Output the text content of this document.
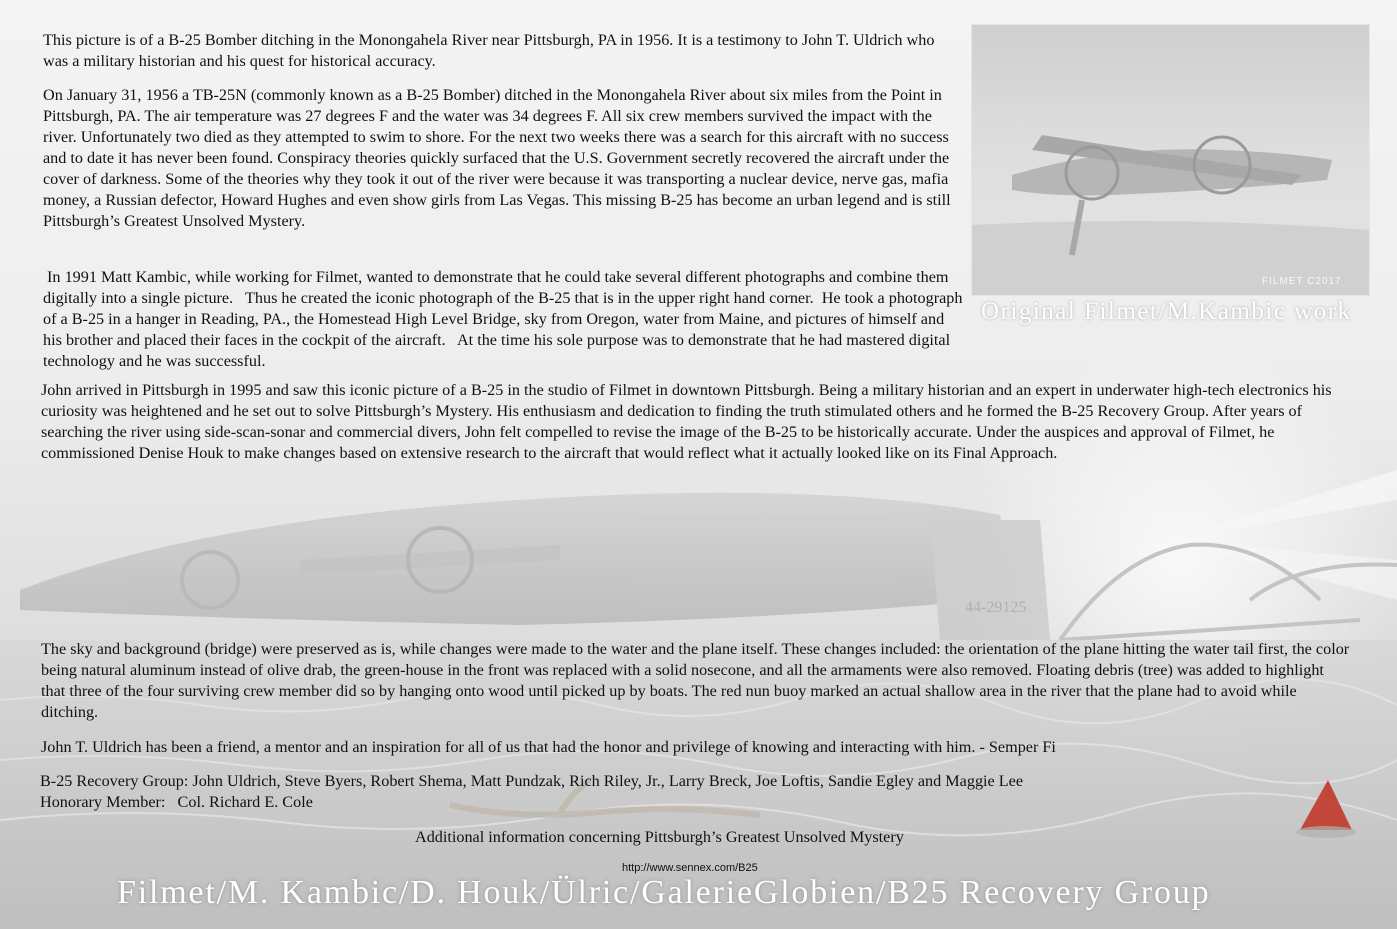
44-29125
FILMET C2017
Original Filmet/M.Kambic work

This picture is of a B-25 Bomber ditching in the Monongahela River near Pittsburgh, PA in 1956. It is a testimony to John T. Uldrich who was a military historian and his quest for historical accuracy.

On January 31, 1956 a TB-25N (commonly known as a B-25 Bomber) ditched in the Monongahela River about six miles from the Point in Pittsburgh, PA. The air temperature was 27 degrees F and the water was 34 degrees F. All six crew members survived the impact with the river. Unfortunately two died as they attempted to swim to shore. For the next two weeks there was a search for this aircraft with no success and to date it has never been found. Conspiracy theories quickly surfaced that the U.S. Government secretly recovered the aircraft under the cover of darkness. Some of the theories why they took it out of the river were because it was transporting a nuclear device, nerve gas, mafia money, a Russian defector, Howard Hughes and even show girls from Las Vegas. This missing B-25 has become an urban legend and is still Pittsburgh’s Greatest Unsolved Mystery.

In 1991 Matt Kambic, while working for Filmet, wanted to demonstrate that he could take several different photographs and combine them digitally into a single picture.   Thus he created the iconic photograph of the B-25 that is in the upper right hand corner.  He took a photograph of a B-25 in a hanger in Reading, PA., the Homestead High Level Bridge, sky from Oregon, water from Maine, and pictures of himself and his brother and placed their faces in the cockpit of the aircraft.   At the time his sole purpose was to demonstrate that he had mastered digital technology and he was successful.

John arrived in Pittsburgh in 1995 and saw this iconic picture of a B-25 in the studio of Filmet in downtown Pittsburgh. Being a military historian and an expert in underwater high-tech electronics his curiosity was heightened and he set out to solve Pittsburgh’s Mystery. His enthusiasm and dedication to finding the truth stimulated others and he formed the B-25 Recovery Group. After years of searching the river using side-scan-sonar and commercial divers, John felt compelled to revise the image of the B-25 to be historically accurate. Under the auspices and approval of Filmet, he commissioned Denise Houk to make changes based on extensive research to the aircraft that would reflect what it actually looked like on its Final Approach.

The sky and background (bridge) were preserved as is, while changes were made to the water and the plane itself. These changes included: the orientation of the plane hitting the water tail first, the color being natural aluminum instead of olive drab, the green-house in the front was replaced with a solid nosecone, and all the armaments were also removed. Floating debris (tree) was added to highlight that three of the four surviving crew member did so by hanging onto wood until picked up by boats. The red nun buoy marked an actual shallow area in the river that the plane had to avoid while ditching.

John T. Uldrich has been a friend, a mentor and an inspiration for all of us that had the honor and privilege of knowing and interacting with him. - Semper Fi

B-25 Recovery Group: John Uldrich, Steve Byers, Robert Shema, Matt Pundzak, Rich Riley, Jr., Larry Breck, Joe Loftis, Sandie Egley and Maggie Lee

Honorary Member:   Col. Richard E. Cole

Additional information concerning Pittsburgh’s Greatest Unsolved Mystery

http://www.sennex.com/B25
Filmet/M. Kambic/D. Houk/Ülric/GalerieGlobien/B25 Recovery Group
